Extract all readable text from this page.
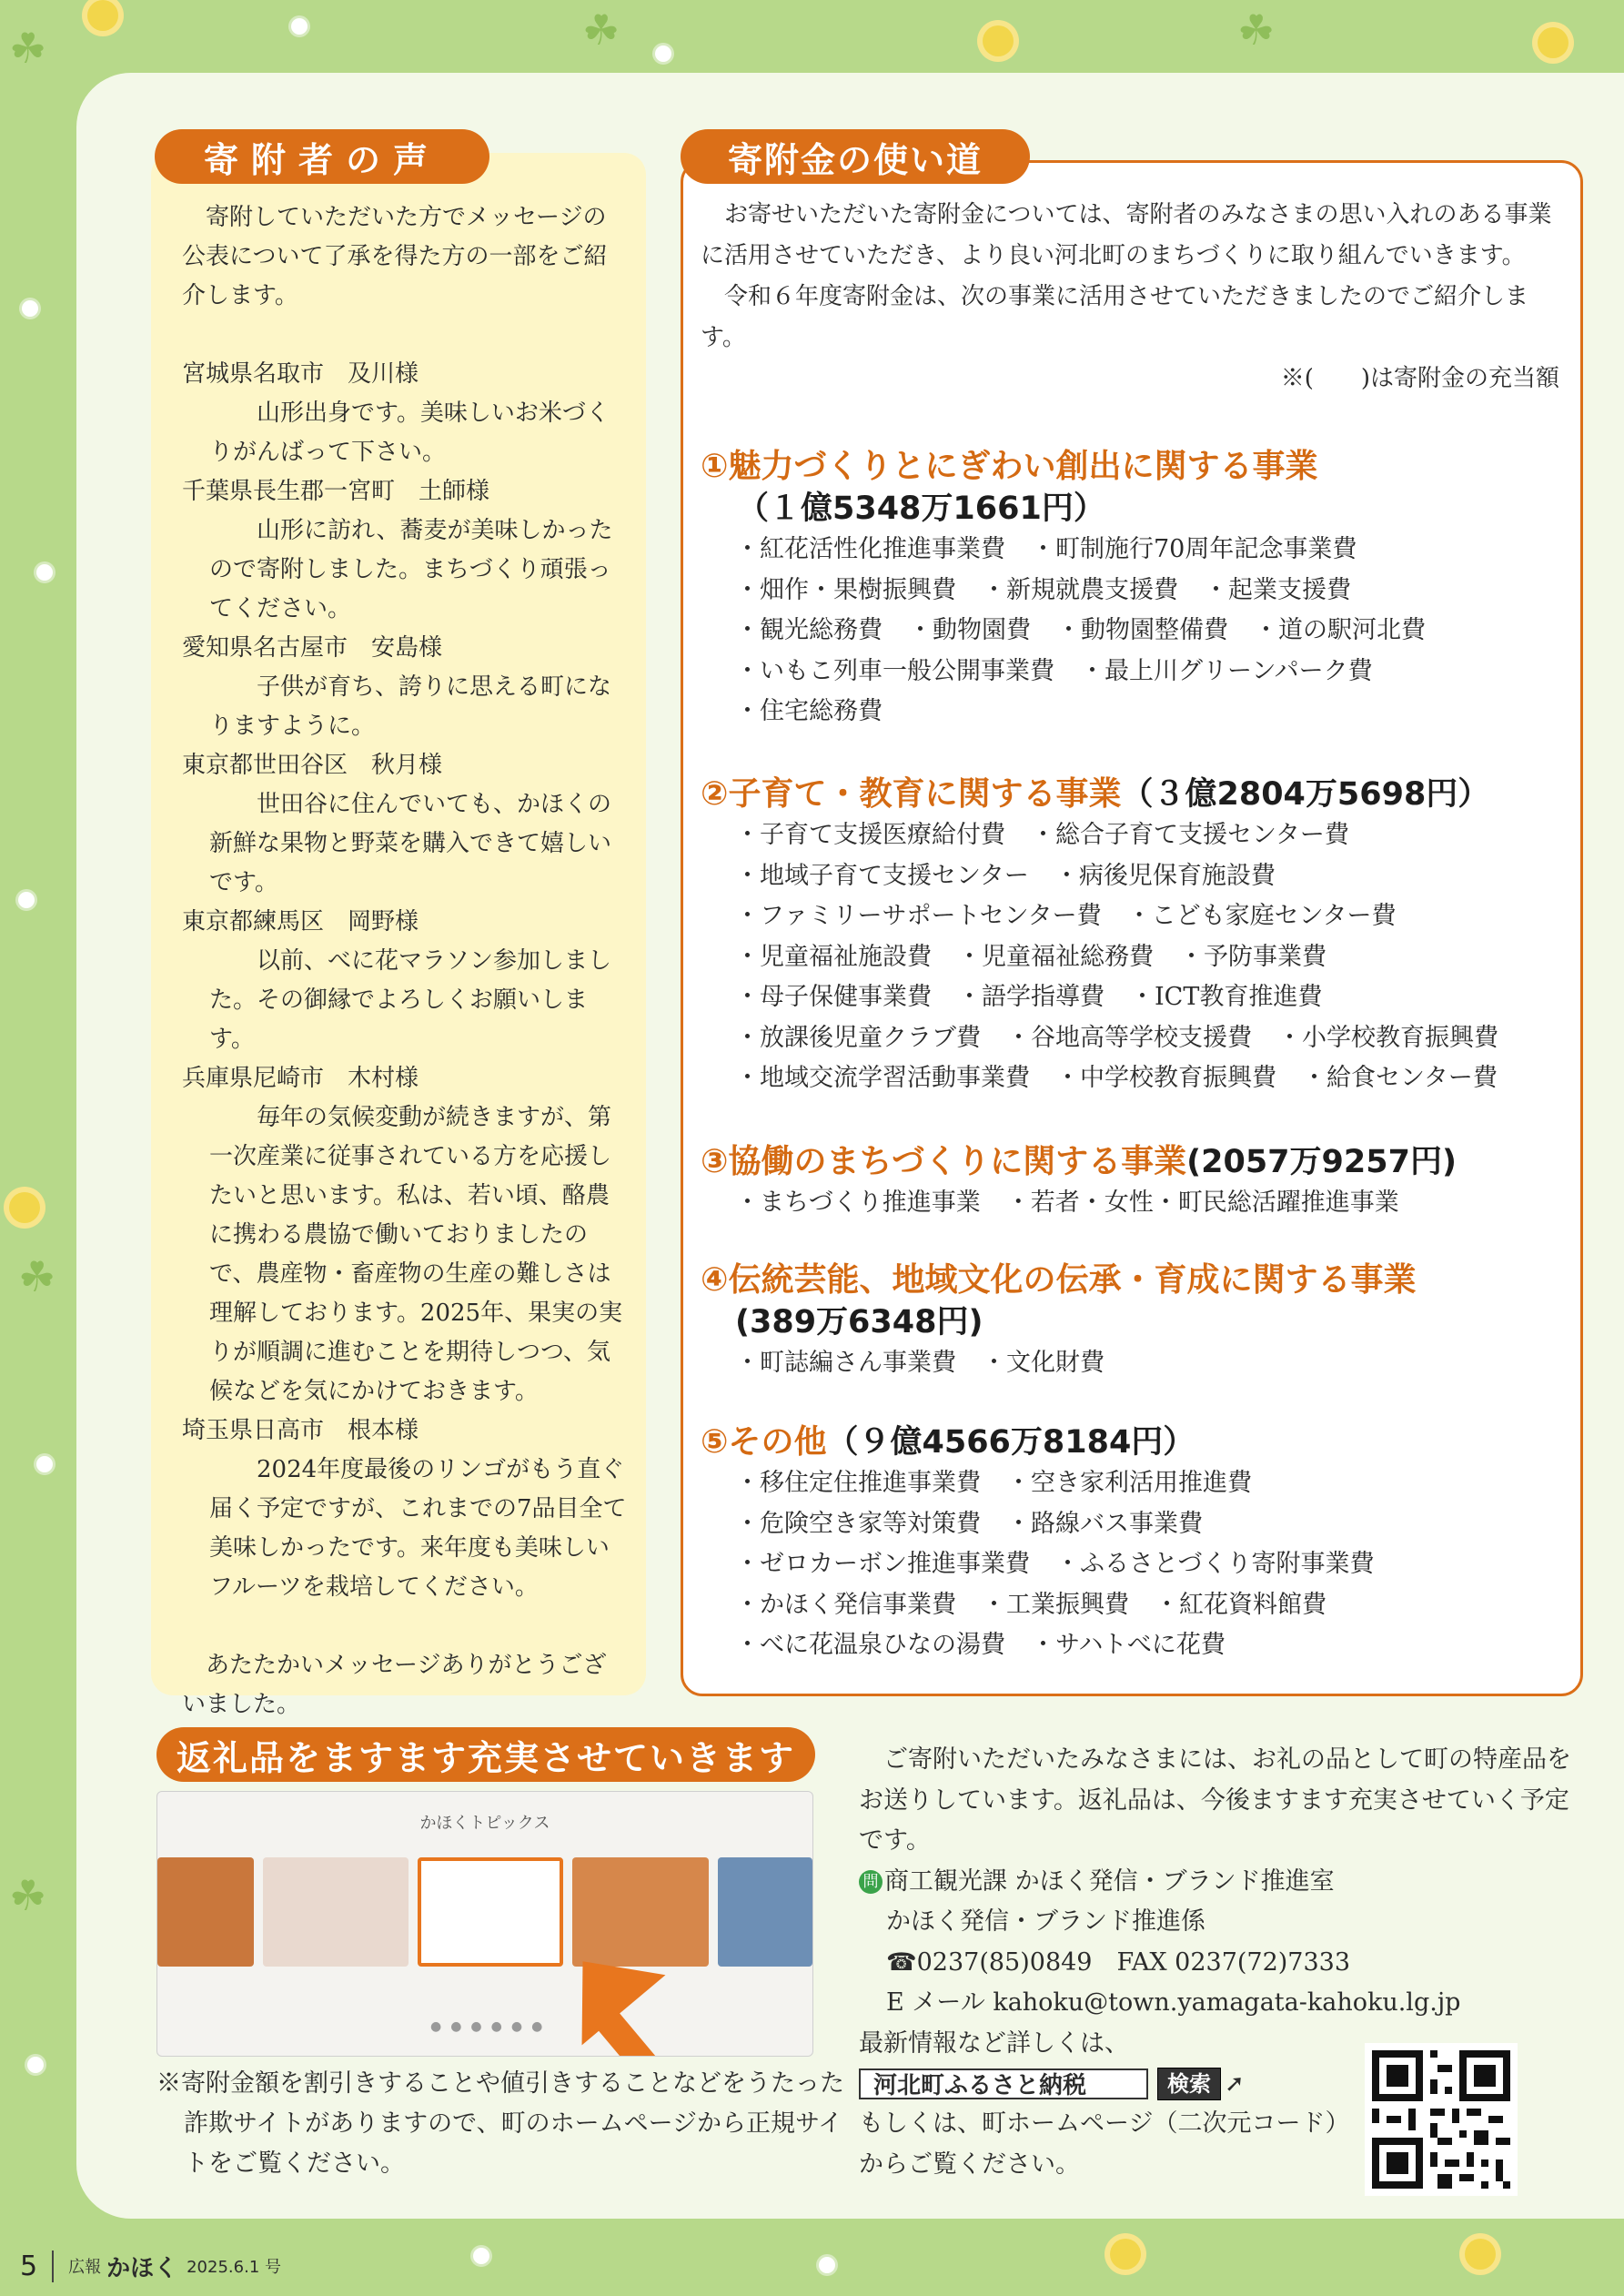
☘	☘
☘
☘
☘
寄附者の声

寄附していただいた方でメッセージの公表について了承を得た方の一部をご紹介します。

宮城県名取市　及川様

山形出身です。美味しいお米づくりがんばって下さい。

千葉県長生郡一宮町　土師様

山形に訪れ、蕎麦が美味しかったので寄附しました。まちづくり頑張ってください。

愛知県名古屋市　安島様

子供が育ち、誇りに思える町になりますように。

東京都世田谷区　秋月様

世田谷に住んでいても、かほくの新鮮な果物と野菜を購入できて嬉しいです。

東京都練馬区　岡野様

以前、べに花マラソン参加しました。その御縁でよろしくお願いします。

兵庫県尼崎市　木村様

毎年の気候変動が続きますが、第一次産業に従事されている方を応援したいと思います。私は、若い頃、酪農に携わる農協で働いておりましたので、農産物・畜産物の生産の難しさは理解しております。2025年、果実の実りが順調に進むことを期待しつつ、気候などを気にかけておきます。

埼玉県日高市　根本様

2024年度最後のリンゴがもう直ぐ届く予定ですが、これまでの7品目全て美味しかったです。来年度も美味しいフルーツを栽培してください。

あたたかいメッセージありがとうございました。

寄附金の使い道

お寄せいただいた寄附金については、寄附者のみなさまの思い入れのある事業に活用させていただき、より良い河北町のまちづくりに取り組んでいきます。

令和６年度寄附金は、次の事業に活用させていただきましたのでご紹介します。

※(　　)は寄附金の充当額

①魅力づくりとにぎわい創出に関する事業
（１億5348万1661円）
・紅花活性化推進事業費 ・町制施行70周年記念事業費
・畑作・果樹振興費 ・新規就農支援費 ・起業支援費
・観光総務費 ・動物園費 ・動物園整備費 ・道の駅河北費
・いもこ列車一般公開事業費 ・最上川グリーンパーク費
・住宅総務費
②子育て・教育に関する事業（３億2804万5698円）
・子育て支援医療給付費 ・総合子育て支援センター費
・地域子育て支援センター ・病後児保育施設費
・ファミリーサポートセンター費 ・こども家庭センター費
・児童福祉施設費 ・児童福祉総務費 ・予防事業費
・母子保健事業費 ・語学指導費 ・ICT教育推進費
・放課後児童クラブ費 ・谷地高等学校支援費 ・小学校教育振興費
・地域交流学習活動事業費 ・中学校教育振興費 ・給食センター費
③協働のまちづくりに関する事業(2057万9257円)
・まちづくり推進事業 ・若者・女性・町民総活躍推進事業
④伝統芸能、地域文化の伝承・育成に関する事業
(389万6348円)
・町誌編さん事業費 ・文化財費
⑤その他（９億4566万8184円）
・移住定住推進事業費 ・空き家利活用推進費
・危険空き家等対策費 ・路線バス事業費
・ゼロカーボン推進事業費 ・ふるさとづくり寄附事業費
・かほく発信事業費 ・工業振興費 ・紅花資料館費
・べに花温泉ひなの湯費 ・サハトべに花費
返礼品をますます充実させていきます
かほくトピックス
●●●●●●
※寄附金額を割引きすることや値引きすることなどをうたった詐欺サイトがありますので、町のホームページから正規サイトをご覧ください。

ご寄附いただいたみなさまには、お礼の品として町の特産品をお送りしています。返礼品は、今後ますます充実させていく予定です。

問 商工観光課 かほく発信・ブランド推進室

かほく発信・ブランド推進係

☎0237(85)0849　FAX 0237(72)7333

E メール kahoku@town.yamagata-kahoku.lg.jp

最新情報など詳しくは、

河北町ふるさと納税	検索 ➚

もしくは、町ホームページ（二次元コード）

からご覧ください。

5	広報 かほく 2025.6.1 号
